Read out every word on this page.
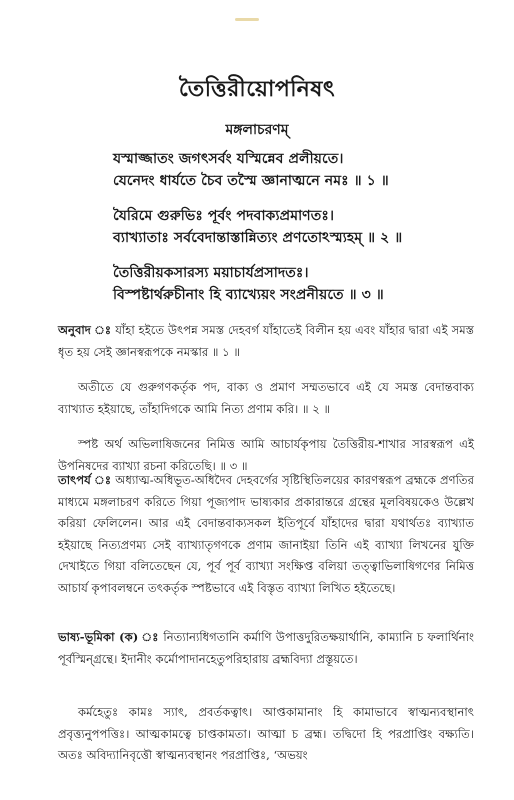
তৈত্তিরীয়োপনিষৎ
মঙ্গলাচরণম্
যস্মাজ্জাতং জগৎসর্বং যস্মিন্নেব প্রলীয়তে।
যেনেদং ধার্যতে চৈব তস্মৈ জ্ঞানাত্মনে নমঃ ॥ ১ ॥
যৈরিমে গুরুভিঃ পূর্বং পদবাক্যপ্রমাণতঃ।
ব্যাখ্যাতাঃ সর্ববেদান্তাস্তান্নিত্যং প্রণতোঽস্ম্যহম্ ॥ ২ ॥
তৈত্তিরীয়কসারস্য ময়াচার্যপ্রসাদতঃ।
বিস্পষ্টার্থরুচীনাং হি ব্যাখ্যেয়ং সংপ্রনীয়তে ॥ ৩ ॥
অনুবাদ ঃ যাঁহা হইতে উৎপন্ন সমস্ত দেহবর্গ যাঁহাতেই বিলীন হয় এবং যাঁহার দ্বারা এই সমস্ত ধৃত হয় সেই জ্ঞানস্বরূপকে নমস্কার ॥ ১ ॥
অতীতে যে গুরুগণকর্তৃক পদ, বাক্য ও প্রমাণ সম্মতভাবে এই যে সমস্ত বেদান্তবাক্য ব্যাখ্যাত হইয়াছে, তাঁহাদিগকে আমি নিত্য প্রণাম করি। ॥ ২ ॥
স্পষ্ট অর্থ অভিলাষিজনের নিমিত্ত আমি আচার্যকৃপায় তৈত্তিরীয়-শাখার সারস্বরূপ এই উপনিষদের ব্যাখ্যা রচনা করিতেছি। ॥ ৩ ॥
তাৎপর্য ঃ অধ্যাত্ম-অধিভূত-অধিদৈব দেহবর্গের সৃষ্টিস্থিতিলয়ের কারণস্বরূপ ব্রহ্মকে প্রণতির মাধ্যমে মঙ্গলাচরণ করিতে গিয়া পূজ্যপাদ ভাষ্যকার প্রকারান্তরে গ্রন্থের মূলবিষয়কেও উল্লেখ করিয়া ফেলিলেন। আর এই বেদান্তবাক্যসকল ইতিপূর্বে যাঁহাদের দ্বারা যথার্থতঃ ব্যাখ্যাত হইয়াছে নিত্যপ্রণম্য সেই ব্যাখ্যাতৃগণকে প্রণাম জানাইয়া তিনি এই ব্যাখ্যা লিখনের যুক্তি দেখাইতে গিয়া বলিতেছেন যে, পূর্ব পূর্ব ব্যাখ্যা সংক্ষিপ্ত বলিয়া তত্ত্বাভিলাষিগণের নিমিত্ত আচার্য কৃপাবলম্বনে তৎকর্তৃক স্পষ্টভাবে এই বিস্তৃত ব্যাখ্যা লিখিত হইতেছে।
ভাষ্য-ভূমিকা (ক) ঃ নিত্যান্যধিগতানি কর্মাণি উপাত্তদুরিতক্ষয়ার্থানি, কাম্যানি চ ফলার্থিনাং পূর্বস্মিন্গ্রন্থে। ইদানীং কর্মোপাদানহেতুপরিহারায় ব্রহ্মবিদ্যা প্রস্তূয়তে।
কর্মহেতুঃ কামঃ স্যাৎ, প্রবর্তকত্বাৎ। আপ্তকামানাং হি কামাভাবে স্বাত্মন্যবস্থানাৎ প্রবৃত্ত্যনুপপত্তিঃ। আত্মকামত্বে চাপ্তকামতা। আত্মা চ ব্রহ্ম। তদ্বিদো হি পরপ্রাপ্তিং বক্ষ্যতি। অতঃ অবিদ্যানিবৃত্তৌ স্বাত্মন্যবস্থানং পরপ্রাপ্তিঃ, ‘অভয়ং
